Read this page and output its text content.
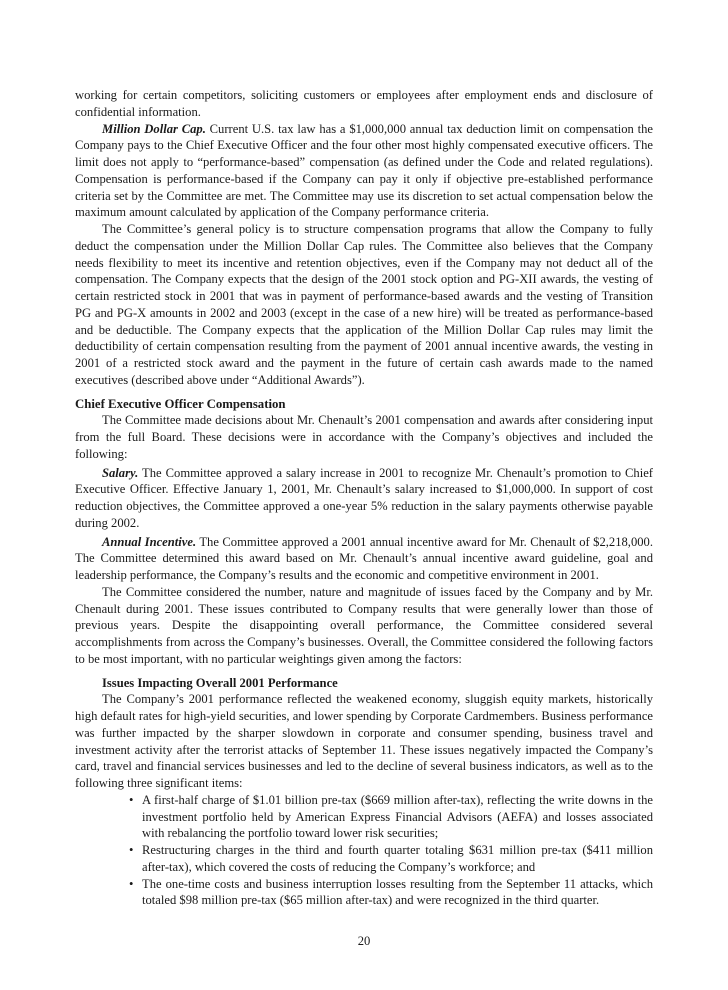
working for certain competitors, soliciting customers or employees after employment ends and disclosure of confidential information.

Million Dollar Cap. Current U.S. tax law has a $1,000,000 annual tax deduction limit on compensation the Company pays to the Chief Executive Officer and the four other most highly compensated executive officers. The limit does not apply to “performance-based” compensation (as defined under the Code and related regulations). Compensation is performance-based if the Company can pay it only if objective pre-established performance criteria set by the Committee are met. The Committee may use its discretion to set actual compensation below the maximum amount calculated by application of the Company performance criteria.

The Committee’s general policy is to structure compensation programs that allow the Company to fully deduct the compensation under the Million Dollar Cap rules. The Committee also believes that the Company needs flexibility to meet its incentive and retention objectives, even if the Company may not deduct all of the compensation. The Company expects that the design of the 2001 stock option and PG-XII awards, the vesting of certain restricted stock in 2001 that was in payment of performance-based awards and the vesting of Transition PG and PG-X amounts in 2002 and 2003 (except in the case of a new hire) will be treated as performance-based and be deductible. The Company expects that the application of the Million Dollar Cap rules may limit the deductibility of certain compensation resulting from the payment of 2001 annual incentive awards, the vesting in 2001 of a restricted stock award and the payment in the future of certain cash awards made to the named executives (described above under “Additional Awards”).

Chief Executive Officer Compensation

The Committee made decisions about Mr. Chenault’s 2001 compensation and awards after considering input from the full Board. These decisions were in accordance with the Company’s objectives and included the following:

Salary. The Committee approved a salary increase in 2001 to recognize Mr. Chenault’s promotion to Chief Executive Officer. Effective January 1, 2001, Mr. Chenault’s salary increased to $1,000,000. In support of cost reduction objectives, the Committee approved a one-year 5% reduction in the salary payments otherwise payable during 2002.

Annual Incentive. The Committee approved a 2001 annual incentive award for Mr. Chenault of $2,218,000. The Committee determined this award based on Mr. Chenault’s annual incentive award guideline, goal and leadership performance, the Company’s results and the economic and competitive environment in 2001.

The Committee considered the number, nature and magnitude of issues faced by the Company and by Mr. Chenault during 2001. These issues contributed to Company results that were generally lower than those of previous years. Despite the disappointing overall performance, the Committee considered several accomplishments from across the Company’s businesses. Overall, the Committee considered the following factors to be most important, with no particular weightings given among the factors:

Issues Impacting Overall 2001 Performance

The Company’s 2001 performance reflected the weakened economy, sluggish equity markets, historically high default rates for high-yield securities, and lower spending by Corporate Cardmembers. Business performance was further impacted by the sharper slowdown in corporate and consumer spending, business travel and investment activity after the terrorist attacks of September 11. These issues negatively impacted the Company’s card, travel and financial services businesses and led to the decline of several business indicators, as well as to the following three significant items:

• A first-half charge of $1.01 billion pre-tax ($669 million after-tax), reflecting the write downs in the investment portfolio held by American Express Financial Advisors (AEFA) and losses associated with rebalancing the portfolio toward lower risk securities;
• Restructuring charges in the third and fourth quarter totaling $631 million pre-tax ($411 million after-tax), which covered the costs of reducing the Company’s workforce; and
• The one-time costs and business interruption losses resulting from the September 11 attacks, which totaled $98 million pre-tax ($65 million after-tax) and were recognized in the third quarter.
20
